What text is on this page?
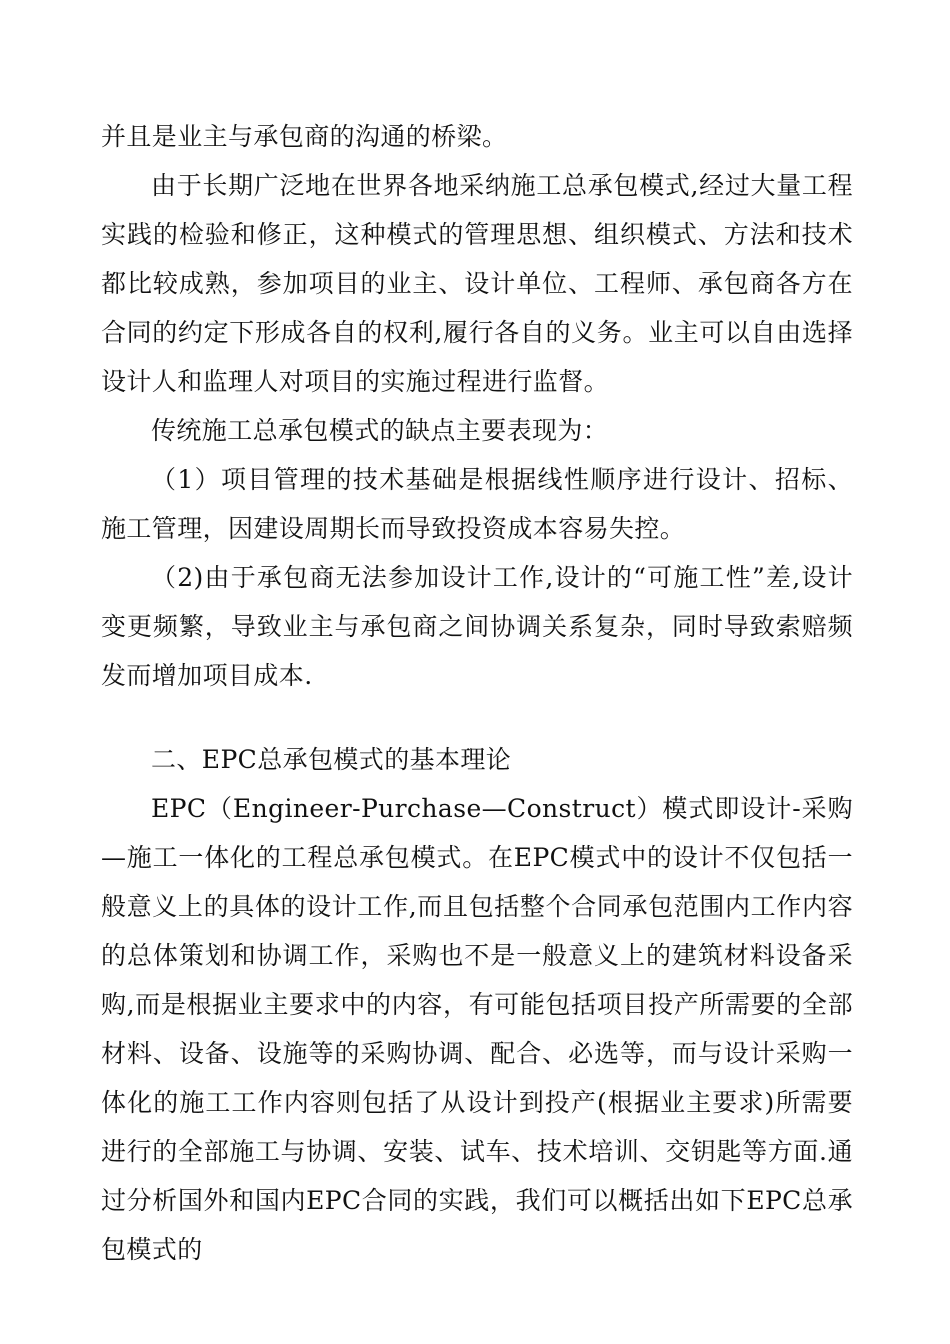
并且是业主与承包商的沟通的桥梁。

由于长期广泛地在世界各地采纳施工总承包模式,经过大量工程实践的检验和修正，这种模式的管理思想、组织模式、方法和技术都比较成熟，参加项目的业主、设计单位、工程师、承包商各方在合同的约定下形成各自的权利,履行各自的义务。业主可以自由选择设计人和监理人对项目的实施过程进行监督。

传统施工总承包模式的缺点主要表现为：

（1）项目管理的技术基础是根据线性顺序进行设计、招标、施工管理，因建设周期长而导致投资成本容易失控。

（2)由于承包商无法参加设计工作,设计的“可施工性”差,设计变更频繁，导致业主与承包商之间协调关系复杂，同时导致索赔频发而增加项目成本.

二、EPC总承包模式的基本理论

EPC（Engineer-Purchase—Construct）模式即设计-采购—施工一体化的工程总承包模式。在EPC模式中的设计不仅包括一般意义上的具体的设计工作,而且包括整个合同承包范围内工作内容的总体策划和协调工作，采购也不是一般意义上的建筑材料设备采购,而是根据业主要求中的内容，有可能包括项目投产所需要的全部材料、设备、设施等的采购协调、配合、必选等，而与设计采购一体化的施工工作内容则包括了从设计到投产(根据业主要求)所需要进行的全部施工与协调、安装、试车、技术培训、交钥匙等方面.通过分析国外和国内EPC合同的实践，我们可以概括出如下EPC总承包模式的
